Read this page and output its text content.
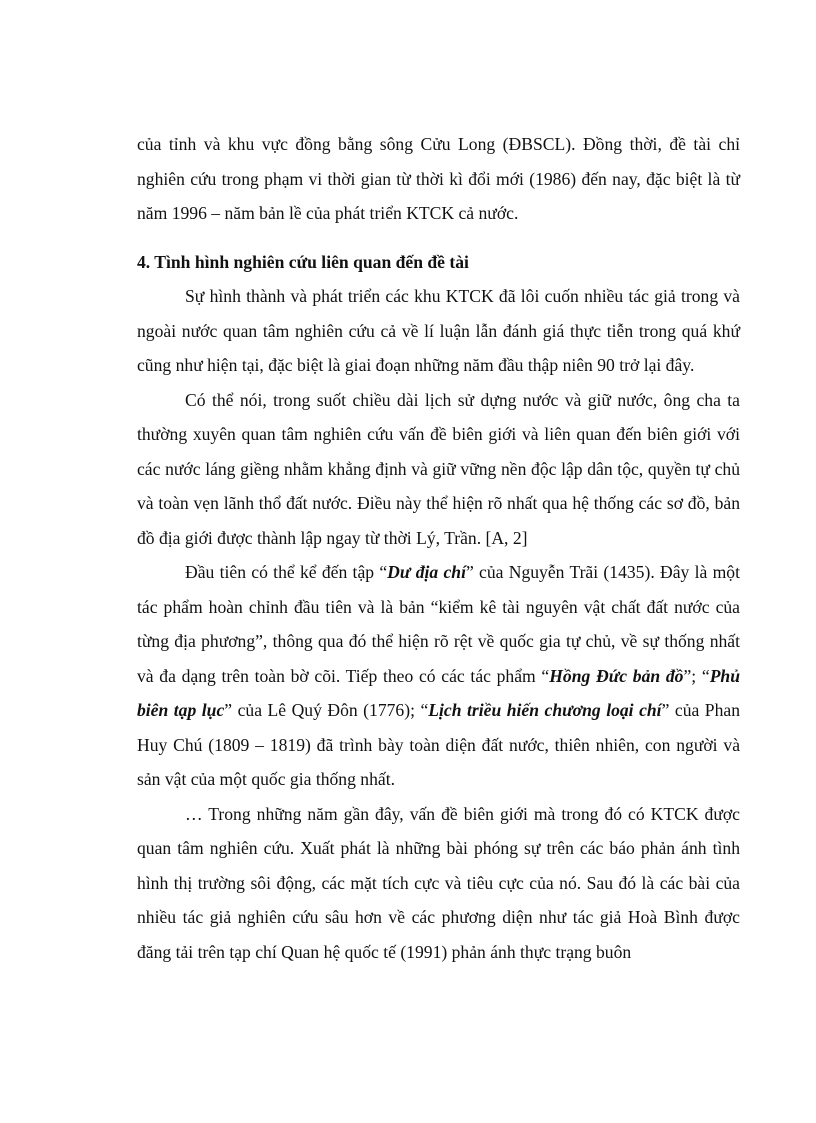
của tỉnh và khu vực đồng bằng sông Cửu Long (ĐBSCL). Đồng thời, đề tài chỉ nghiên cứu trong phạm vi thời gian từ thời kì đổi mới (1986) đến nay, đặc biệt là từ năm 1996 – năm bản lề của phát triển KTCK cả nước.

4. Tình hình nghiên cứu liên quan đến đề tài

Sự hình thành và phát triển các khu KTCK đã lôi cuốn nhiều tác giả trong và ngoài nước quan tâm nghiên cứu cả về lí luận lẫn đánh giá thực tiễn trong quá khứ cũng như hiện tại, đặc biệt là giai đoạn những năm đầu thập niên 90 trở lại đây.

Có thể nói, trong suốt chiều dài lịch sử dựng nước và giữ nước, ông cha ta thường xuyên quan tâm nghiên cứu vấn đề biên giới và liên quan đến biên giới với các nước láng giềng nhằm khẳng định và giữ vững nền độc lập dân tộc, quyền tự chủ và toàn vẹn lãnh thổ đất nước. Điều này thể hiện rõ nhất qua hệ thống các sơ đồ, bản đồ địa giới được thành lập ngay từ thời Lý, Trần. [A, 2]

Đầu tiên có thể kể đến tập “Dư địa chí” của Nguyễn Trãi (1435). Đây là một tác phẩm hoàn chỉnh đầu tiên và là bản “kiểm kê tài nguyên vật chất đất nước của từng địa phương”, thông qua đó thể hiện rõ rệt về quốc gia tự chủ, về sự thống nhất và đa dạng trên toàn bờ cõi. Tiếp theo có các tác phẩm “Hồng Đức bản đồ”; “Phủ biên tạp lục” của Lê Quý Đôn (1776); “Lịch triều hiến chương loại chí” của Phan Huy Chú (1809 – 1819) đã trình bày toàn diện đất nước, thiên nhiên, con người và sản vật của một quốc gia thống nhất.

… Trong những năm gần đây, vấn đề biên giới mà trong đó có KTCK được quan tâm nghiên cứu. Xuất phát là những bài phóng sự trên các báo phản ánh tình hình thị trường sôi động, các mặt tích cực và tiêu cực của nó. Sau đó là các bài của nhiều tác giả nghiên cứu sâu hơn về các phương diện như tác giả Hoà Bình được đăng tải trên tạp chí Quan hệ quốc tế (1991) phản ánh thực trạng buôn
